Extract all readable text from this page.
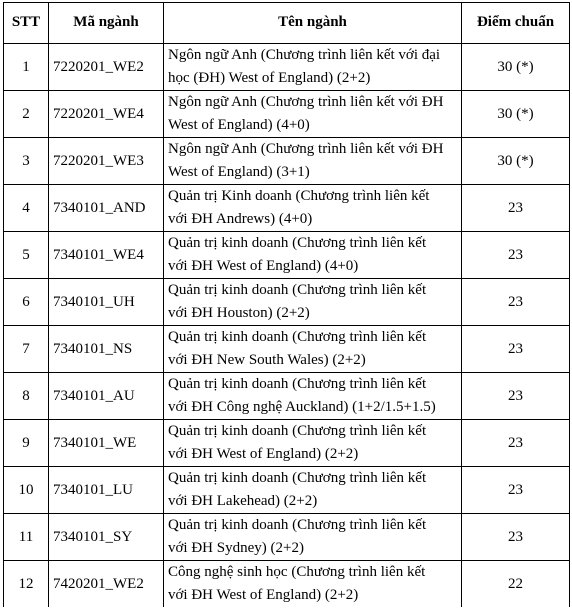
STT	Mã ngành	Tên ngành	Điểm chuẩn
1	7220201_WE2	Ngôn ngữ Anh (Chương trình liên kết với đại
học (ĐH) West of England) (2+2)	30 (*)
2	7220201_WE4	Ngôn ngữ Anh (Chương trình liên kết với ĐH
West of England) (4+0)	30 (*)
3	7220201_WE3	Ngôn ngữ Anh (Chương trình liên kết với ĐH
West of England) (3+1)	30 (*)
4	7340101_AND	Quản trị Kinh doanh (Chương trình liên kết
với ĐH Andrews) (4+0)	23
5	7340101_WE4	Quản trị kinh doanh (Chương trình liên kết
với ĐH West of England) (4+0)	23
6	7340101_UH	Quản trị kinh doanh (Chương trình liên kết
với ĐH Houston) (2+2)	23
7	7340101_NS	Quản trị kinh doanh (Chương trình liên kết
với ĐH New South Wales) (2+2)	23
8	7340101_AU	Quản trị kinh doanh (Chương trình liên kết
với ĐH Công nghệ Auckland) (1+2/1.5+1.5)	23
9	7340101_WE	Quản trị kinh doanh (Chương trình liên kết
với ĐH West of England) (2+2)	23
10	7340101_LU	Quản trị kinh doanh (Chương trình liên kết
với ĐH Lakehead) (2+2)	23
11	7340101_SY	Quản trị kinh doanh (Chương trình liên kết
với ĐH Sydney) (2+2)	23
12	7420201_WE2	Công nghệ sinh học (Chương trình liên kết
với ĐH West of England) (2+2)	22
